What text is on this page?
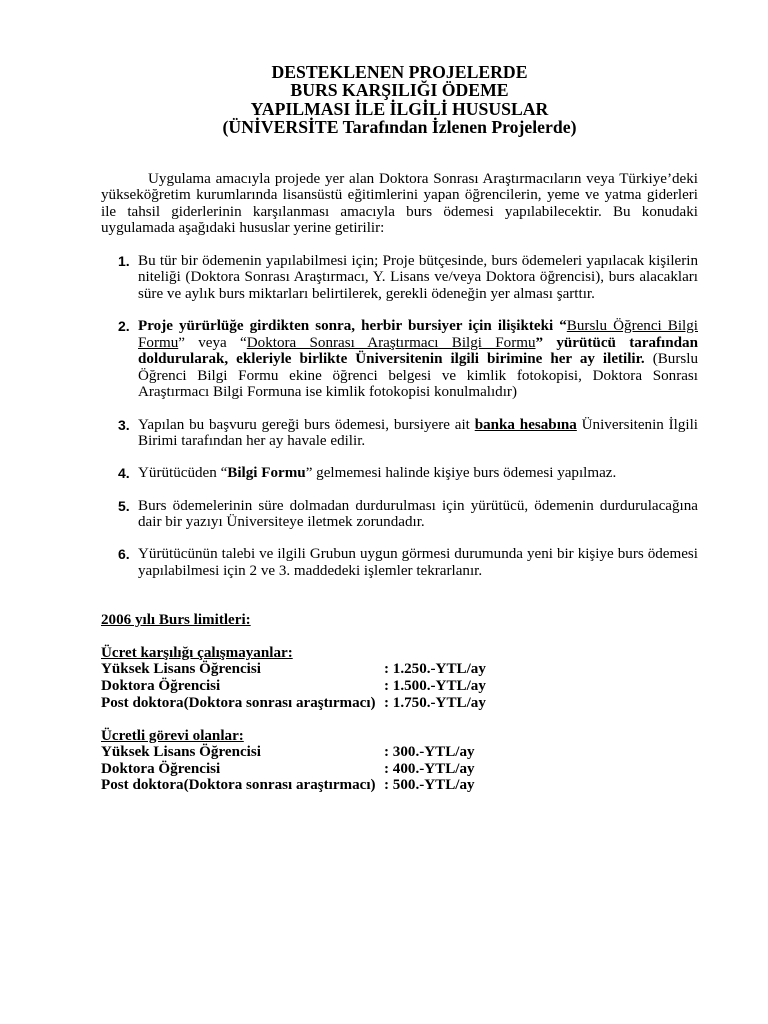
DESTEKLENEN PROJELERDE
BURS KARŞILIĞI ÖDEME
YAPILMASI İLE İLGİLİ HUSUSLAR
(ÜNİVERSİTE Tarafından İzlenen Projelerde)

Uygulama amacıyla projede yer alan Doktora Sonrası Araştırmacıların veya Türkiye’deki yükseköğretim kurumlarında lisansüstü eğitimlerini yapan öğrencilerin, yeme ve yatma giderleri ile tahsil giderlerinin karşılanması amacıyla burs ödemesi yapılabilecektir. Bu konudaki uygulamada aşağıdaki hususlar yerine getirilir:

1. Bu tür bir ödemenin yapılabilmesi için; Proje bütçesinde, burs ödemeleri yapılacak kişilerin niteliği (Doktora Sonrası Araştırmacı, Y. Lisans ve/veya Doktora öğrencisi), burs alacakları süre ve aylık burs miktarları belirtilerek, gerekli ödeneğin yer alması şarttır.
2. Proje yürürlüğe girdikten sonra, herbir bursiyer için ilişikteki “Burslu Öğrenci Bilgi Formu” veya “Doktora Sonrası Araştırmacı Bilgi Formu” yürütücü tarafından doldurularak, ekleriyle birlikte Üniversitenin ilgili birimine her ay iletilir. (Burslu Öğrenci Bilgi Formu ekine öğrenci belgesi ve kimlik fotokopisi, Doktora Sonrası Araştırmacı Bilgi Formuna ise kimlik fotokopisi konulmalıdır)
3. Yapılan bu başvuru gereği burs ödemesi, bursiyere ait banka hesabına Üniversitenin İlgili Birimi tarafından her ay havale edilir.
4. Yürütücüden “Bilgi Formu” gelmemesi halinde kişiye burs ödemesi yapılmaz.
5. Burs ödemelerinin süre dolmadan durdurulması için yürütücü, ödemenin durdurulacağına dair bir yazıyı Üniversiteye iletmek zorundadır.
6. Yürütücünün talebi ve ilgili Grubun uygun görmesi durumunda yeni bir kişiye burs ödemesi yapılabilmesi için 2 ve 3. maddedeki işlemler tekrarlanır.
2006 yılı Burs limitleri:
Ücret karşılığı çalışmayanlar:
Yüksek Lisans Öğrencisi	: 1.250.-YTL/ay
Doktora Öğrencisi	: 1.500.-YTL/ay
Post doktora(Doktora sonrası araştırmacı) : 1.750.-YTL/ay
Ücretli görevi olanlar:
Yüksek Lisans Öğrencisi	: 300.-YTL/ay
Doktora Öğrencisi	: 400.-YTL/ay
Post doktora(Doktora sonrası araştırmacı) : 500.-YTL/ay
